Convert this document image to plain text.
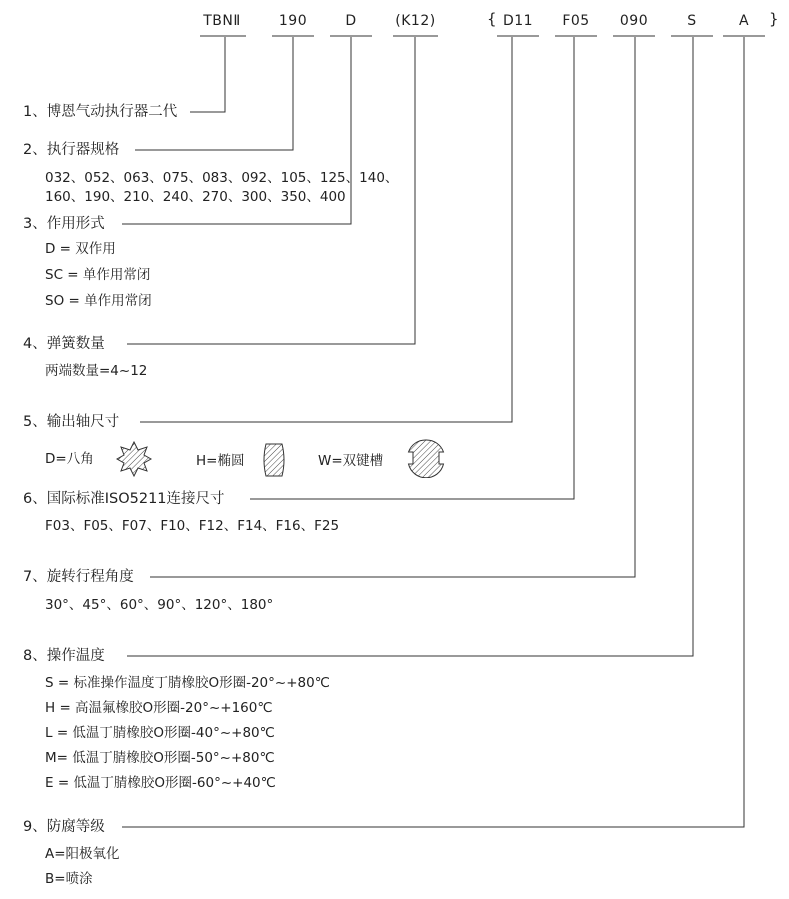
TBNⅡ	190	D	(K12)	{ D11	F05	090	S	A	}
1、博恩气动执行器二代
2、执行器规格
032、052、063、075、083、092、105、125、140、
160、190、210、240、270、300、350、400
3、作用形式
D = 双作用
SC = 单作用常闭
SO = 单作用常闭
4、弹簧数量
两端数量=4~12
5、输出轴尺寸
D=八角	H=椭圆	W=双键槽
6、国际标准ISO5211连接尺寸
F03、F05、F07、F10、F12、F14、F16、F25
7、旋转行程角度
30°、45°、60°、90°、120°、180°
8、操作温度
S = 标准操作温度丁腈橡胶O形圈-20°~+80℃
H = 高温氟橡胶O形圈-20°~+160℃
L = 低温丁腈橡胶O形圈-40°~+80℃
M= 低温丁腈橡胶O形圈-50°~+80℃
E = 低温丁腈橡胶O形圈-60°~+40℃
9、防腐等级
A=阳极氧化
B=喷涂
